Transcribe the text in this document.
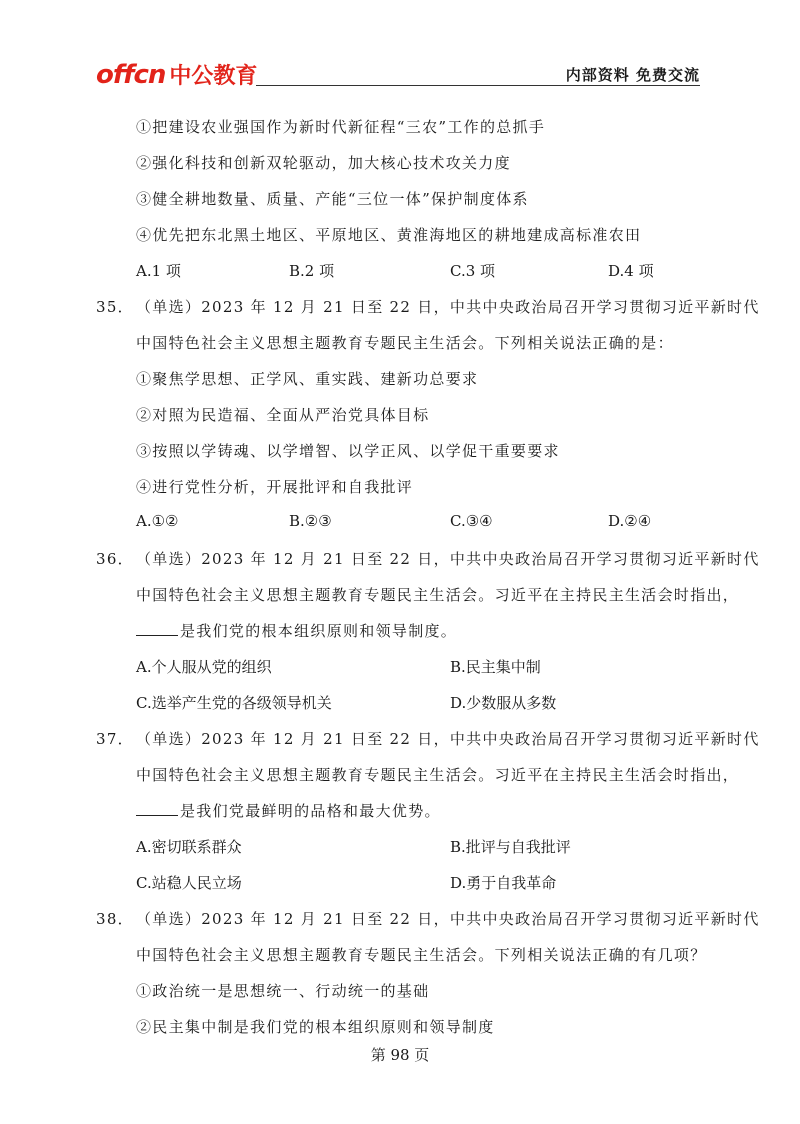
offcn 中公教育	内部资料 免费交流
①把建设农业强国作为新时代新征程“三农”工作的总抓手
②强化科技和创新双轮驱动，加大核心技术攻关力度
③健全耕地数量、质量、产能“三位一体”保护制度体系
④优先把东北黑土地区、平原地区、黄淮海地区的耕地建成高标准农田
A.1 项	B.2 项	C.3 项	D.4 项
35． （单选）2023 年 12 月 21 日至 22 日，中共中央政治局召开学习贯彻习近平新时代
中国特色社会主义思想主题教育专题民主生活会。下列相关说法正确的是：
①聚焦学思想、正学风、重实践、建新功总要求
②对照为民造福、全面从严治党具体目标
③按照以学铸魂、以学增智、以学正风、以学促干重要要求
④进行党性分析，开展批评和自我批评
A.①②	B.②③	C.③④	D.②④
36． （单选）2023 年 12 月 21 日至 22 日，中共中央政治局召开学习贯彻习近平新时代
中国特色社会主义思想主题教育专题民主生活会。习近平在主持民主生活会时指出，
是我们党的根本组织原则和领导制度。
A.个人服从党的组织	B.民主集中制
C.选举产生党的各级领导机关	D.少数服从多数
37． （单选）2023 年 12 月 21 日至 22 日，中共中央政治局召开学习贯彻习近平新时代
中国特色社会主义思想主题教育专题民主生活会。习近平在主持民主生活会时指出，
是我们党最鲜明的品格和最大优势。
A.密切联系群众	B.批评与自我批评
C.站稳人民立场	D.勇于自我革命
38． （单选）2023 年 12 月 21 日至 22 日，中共中央政治局召开学习贯彻习近平新时代
中国特色社会主义思想主题教育专题民主生活会。下列相关说法正确的有几项？
①政治统一是思想统一、行动统一的基础
②民主集中制是我们党的根本组织原则和领导制度
第 98 页
